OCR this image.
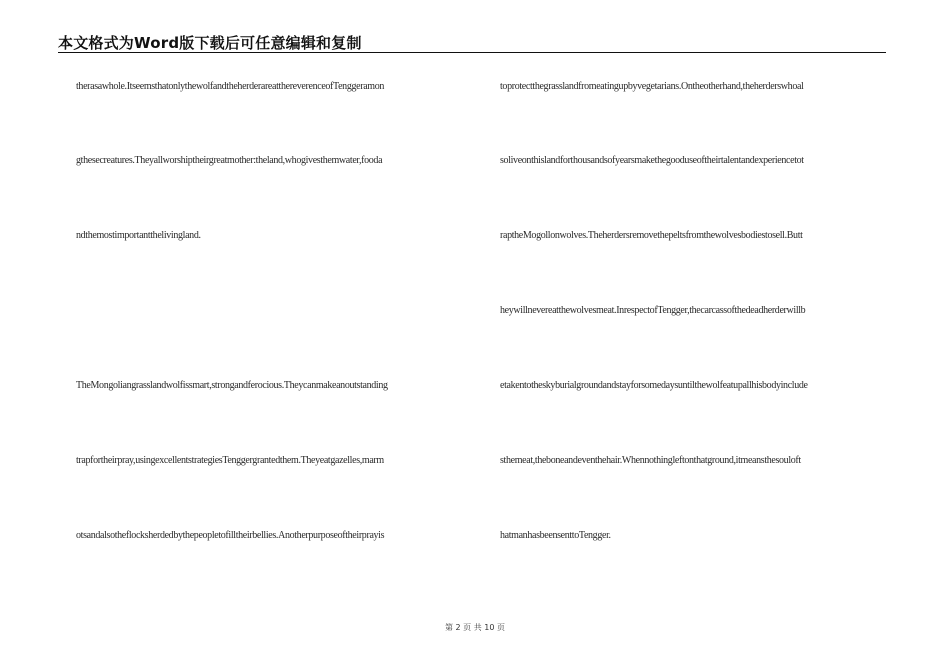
本文格式为Word版下载后可任意编辑和复制
therasawhole.ItseemsthatonlythewolfandtheherderareatthereverenceofTenggeramon
gthesecreatures.Theyallworshiptheirgreatmother:theland,whogivesthemwater,fooda
ndthemostimportantthelivingland.
TheMongoliangrasslandwolfissmart,strongandferocious.Theycanmakeanoutstanding
trapfortheirpray,usingexcellentstrategiesTenggergrantedthem.Theyeatgazelles,marm
otsandalsotheflocksherdedbythepeopletofilltheirbellies.Anotherpurposeoftheirprayis
toprotectthegrasslandfromeatingupbyvegetarians.Ontheotherhand,theherderswhoal
soliveonthislandforthousandsofyearsmakethegooduseoftheirtalentandexperiencetot
raptheMogollonwolves.Theherdersremovethepeltsfromthewolvesbodiestosell.Butt
heywillnevereatthewolvesmeat.InrespectofTengger,thecarcassofthedeadherderwillb
etakentotheskyburialgroundandstayforsomedaysuntilthewolfeatupallhisbodyinclude
sthemeat,theboneandeventhehair.Whennothingleftonthatground,itmeansthesouloft
hatmanhasbeensenttoTengger.
第 2 页 共 10 页
